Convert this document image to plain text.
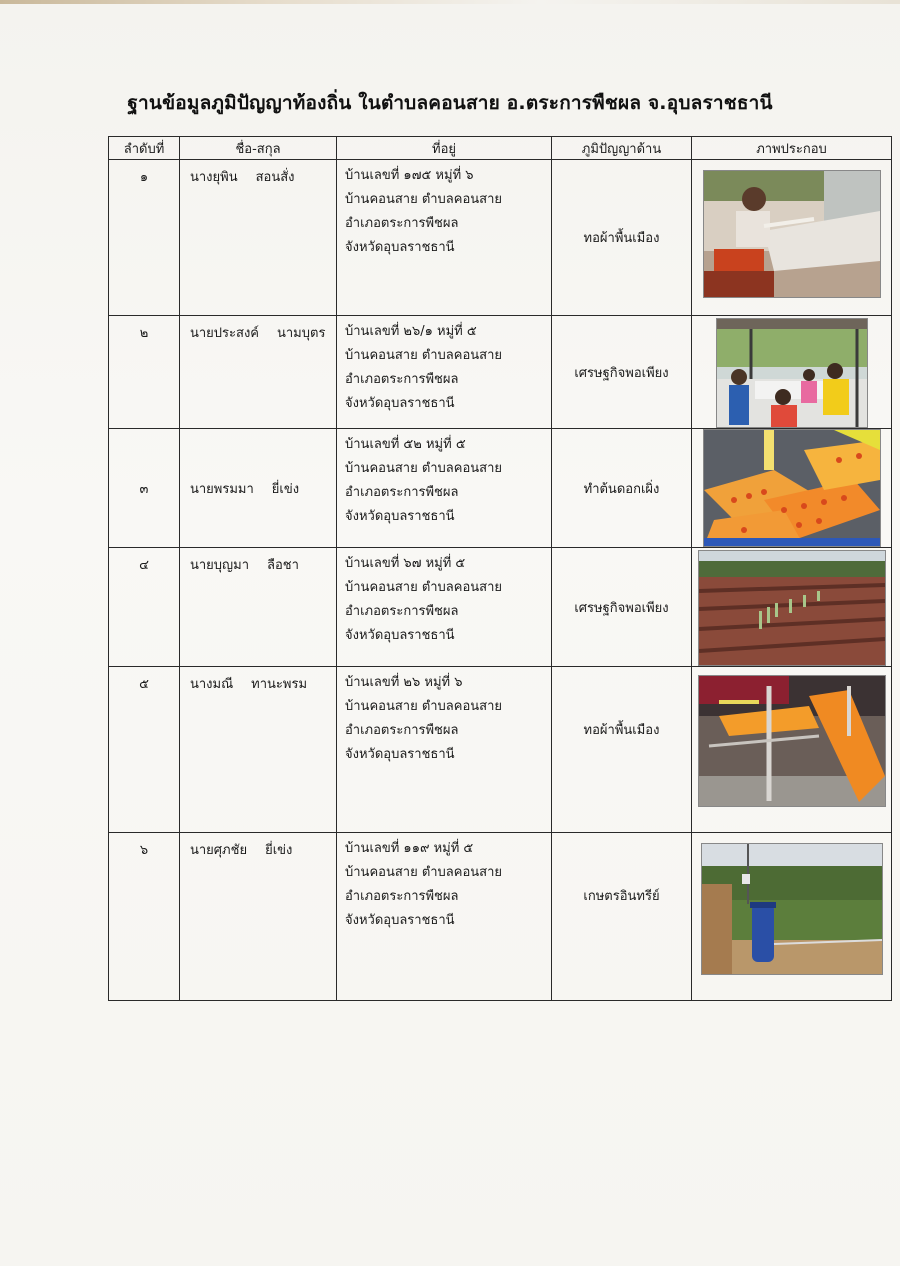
ฐานข้อมูลภูมิปัญญาท้องถิ่น ในตำบลคอนสาย อ.ตระการพืชผล จ.อุบลราชธานี
ลำดับที่	ชื่อ-สกุล	ที่อยู่	ภูมิปัญญาด้าน	ภาพประกอบ

๑	นางยุพิน สอนสั่ง	บ้านเลขที่ ๑๗๕ หมู่ที่ ๖
บ้านคอนสาย ตำบลคอนสาย
อำเภอตระการพืชผล
จังหวัดอุบลราชธานี	ทอผ้าพื้นเมือง	

๒	นายประสงค์ นามบุตร	บ้านเลขที่ ๒๖/๑ หมู่ที่ ๕
บ้านคอนสาย ตำบลคอนสาย
อำเภอตระการพืชผล
จังหวัดอุบลราชธานี	เศรษฐกิจพอเพียง	

๓	นายพรมมา ยี่เข่ง	บ้านเลขที่ ๕๒ หมู่ที่ ๕
บ้านคอนสาย ตำบลคอนสาย
อำเภอตระการพืชผล
จังหวัดอุบลราชธานี	ทำต้นดอกเผิ่ง	

๔	นายบุญมา ลือชา	บ้านเลขที่ ๖๗ หมู่ที่ ๕
บ้านคอนสาย ตำบลคอนสาย
อำเภอตระการพืชผล
จังหวัดอุบลราชธานี	เศรษฐกิจพอเพียง	

๕	นางมณี ทานะพรม	บ้านเลขที่ ๒๖ หมู่ที่ ๖
บ้านคอนสาย ตำบลคอนสาย
อำเภอตระการพืชผล
จังหวัดอุบลราชธานี	ทอผ้าพื้นเมือง	

๖	นายศุภชัย ยี่เข่ง	บ้านเลขที่ ๑๑๙ หมู่ที่ ๕
บ้านคอนสาย ตำบลคอนสาย
อำเภอตระการพืชผล
จังหวัดอุบลราชธานี	เกษตรอินทรีย์	
